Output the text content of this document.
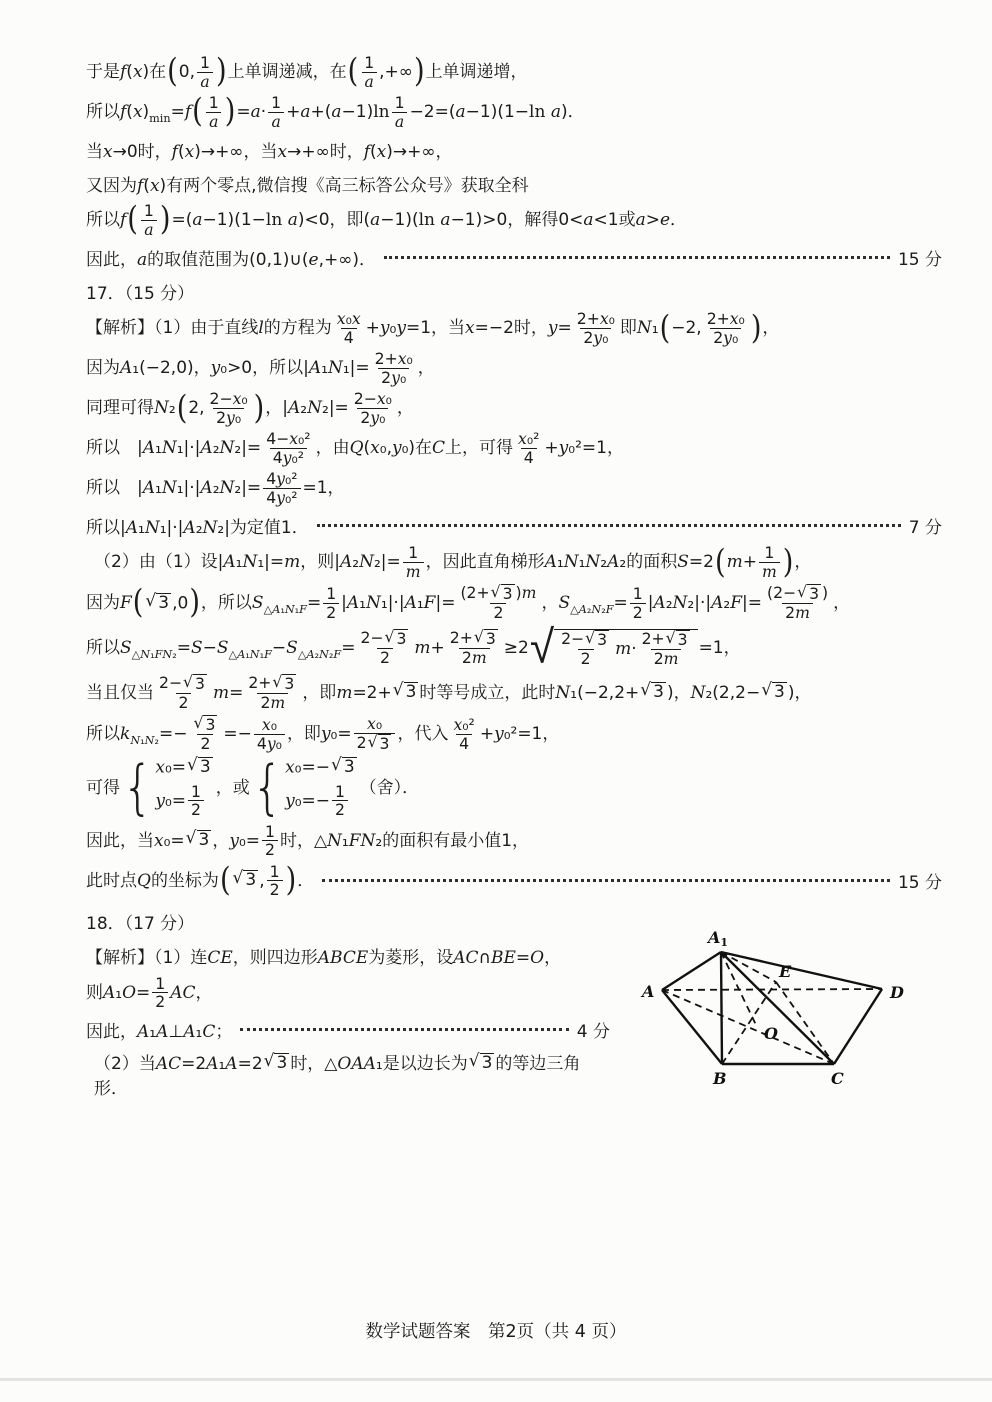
于是f(x)在 ( 0, $\frac{1}{a}$ ) 上单调递减，在 ( $\frac{1}{a}$ ,+∞ ) 上单调递增，
所以$f(x)_{min}=f$ ( $\frac{1}{a}$ ) $=a\cdot \frac{1}{a} +a+(a-1)\ln \frac{1}{a} -2=(a-1)(1-\ln$ a)．
当x→0时，f(x)→+∞，当x→+∞时，f(x)→+∞，
又因为f(x)有两个零点,微信搜《高三标答公众号》获取全科
所以f ( $\frac{1}{a}$ ) =(a−1)(1−ln a)<0，即(a−1)(ln a−1)>0，解得0<a<1或a>e．
因此，a的取值范围为(0,1)∪(e,+∞)．	15 分
17．（15 分）
【解析】（1）由于直线l的方程为 $\frac{\text{x₀x}}{4} +y_0y=1$，当x=−2时，$y= \frac{\text{2+x₀}}{\text{2y₀}}$ 即N₁ ( −2, $\frac{\text{2+x₀}}{\text{2y₀}}$ ) ，
因为A₁(−2,0)，y₀>0，所以$|A_1N_1|= \frac{\text{2+x₀}}{\text{2y₀}}$ ，
同理可得N₂ ( 2, $\frac{\text{2−x₀}}{\text{2y₀}}$ ) ，$|A_2N_2|= \frac{\text{2−x₀}}{\text{2y₀}}$ ，
所以　$|A_1N_1|\cdot|A_2N_2|= \frac{\text{4−x₀²}}{\text{4y₀²}}$ ，由Q(x₀,y₀)在C上，可得 $\frac{\text{x₀²}}{4} +y_0^2=1$，
所以　$|A_1N_1|\cdot|A_2N_2|= \frac{\text{4y₀²}}{\text{4y₀²}} =1$，
所以|A₁N₁|·|A₂N₂|为定值1．	7 分
（2）由（1）设|A₁N₁|=m，则$|A_2N_2|= \frac{1}{m}$ ，因此直角梯形A₁N₁N₂A₂的面积S=2 ( $m+ \frac{1}{m}$ ) ，
因为F ( √ 3 ,0 ) ，所以$S_{\triangle A_1N_1F}= \frac{1}{2} |A_1N_1|\cdot|A_1F|= \frac{(2+ √ 3 )m}{2}$ ，$S_{\triangle A_2N_2F}= \frac{1}{2} |A_2N_2|\cdot|A_2F|= \frac{(2- √ 3 )}{2m}$ ，
所以$S_{\triangle N_1FN_2}=S-S_{\triangle A_1N_1F}-S_{\triangle A_2N_2F}= \frac{2- √ 3}{2} m+ \frac{2+ √ 3}{2m} \ge 2$ √ $\frac{2- √ 3}{2} m\cdot \frac{2+ √ 3}{2m} =1$，
当且仅当 $\frac{2- √ 3}{2} m= \frac{2+ √ 3}{2m}$ ，即m=2+ √ 3 时等号成立，此时N₁(−2,2+ √ 3 )，N₂(2,2− √ 3 )，
所以$k_{N_1N_2}=- \frac{√ 3}{2} =- \frac{\text{x₀}}{\text{4y₀}}$ ，即$y_0= \frac{\text{x₀}}{2 √ 3}$ ，代入 $\frac{\text{x₀²}}{4} +y_0^2=1$，
可得 { x₀= √ 3
$y_0= \frac{1}{2}$ ，或 { x₀=− √ 3
$y_0=- \frac{1}{2}$ （舍）．
因此，当x₀= √ 3 ，$y_0= \frac{1}{2}$ 时，△N₁FN₂的面积有最小值1，
此时点Q的坐标为 ( √ 3 , $\frac{1}{2}$ ) ．	15 分
18．（17 分）
【解析】（1）连CE，则四边形ABCE为菱形，设AC∩BE=O，
则$A_1O= \frac{1}{2}$ AC，
因此，A₁A⊥A₁C；	4 分
（2）当AC=2A₁A=2 √ 3 时，△OAA₁是以边长为 √ 3 的等边三角形．
A1
A	D
B	C
E
O
数学试题答案　第2页（共 4 页）
